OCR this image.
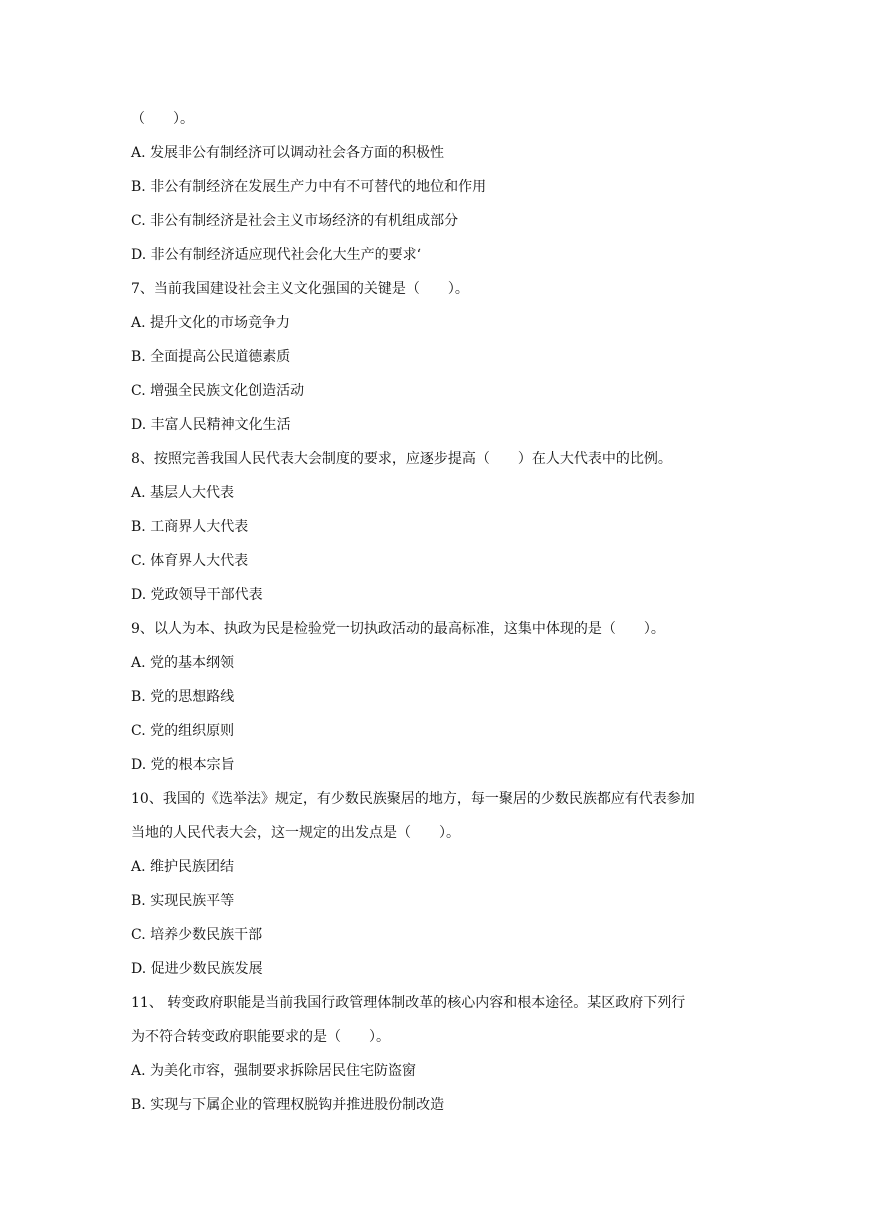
（　　）。
A. 发展非公有制经济可以调动社会各方面的积极性
B. 非公有制经济在发展生产力中有不可替代的地位和作用
C. 非公有制经济是社会主义市场经济的有机组成部分
D. 非公有制经济适应现代社会化大生产的要求‘
7、当前我国建设社会主义文化强国的关键是（　　）。
A. 提升文化的市场竞争力
B. 全面提高公民道德素质
C. 增强全民族文化创造活动
D. 丰富人民精神文化生活
8、按照完善我国人民代表大会制度的要求，应逐步提高（　　）在人大代表中的比例。
A. 基层人大代表
B. 工商界人大代表
C. 体育界人大代表
D. 党政领导干部代表
9、以人为本、执政为民是检验党一切执政活动的最高标准，这集中体现的是（　　）。
A. 党的基本纲领
B. 党的思想路线
C. 党的组织原则
D. 党的根本宗旨
10、我国的《选举法》规定，有少数民族聚居的地方，每一聚居的少数民族都应有代表参加
当地的人民代表大会，这一规定的出发点是（　　）。
A. 维护民族团结
B. 实现民族平等
C. 培养少数民族干部
D. 促进少数民族发展
11、 转变政府职能是当前我国行政管理体制改革的核心内容和根本途径。某区政府下列行
为不符合转变政府职能要求的是（　　）。
A. 为美化市容，强制要求拆除居民住宅防盗窗
B. 实现与下属企业的管理权脱钩并推进股份制改造
